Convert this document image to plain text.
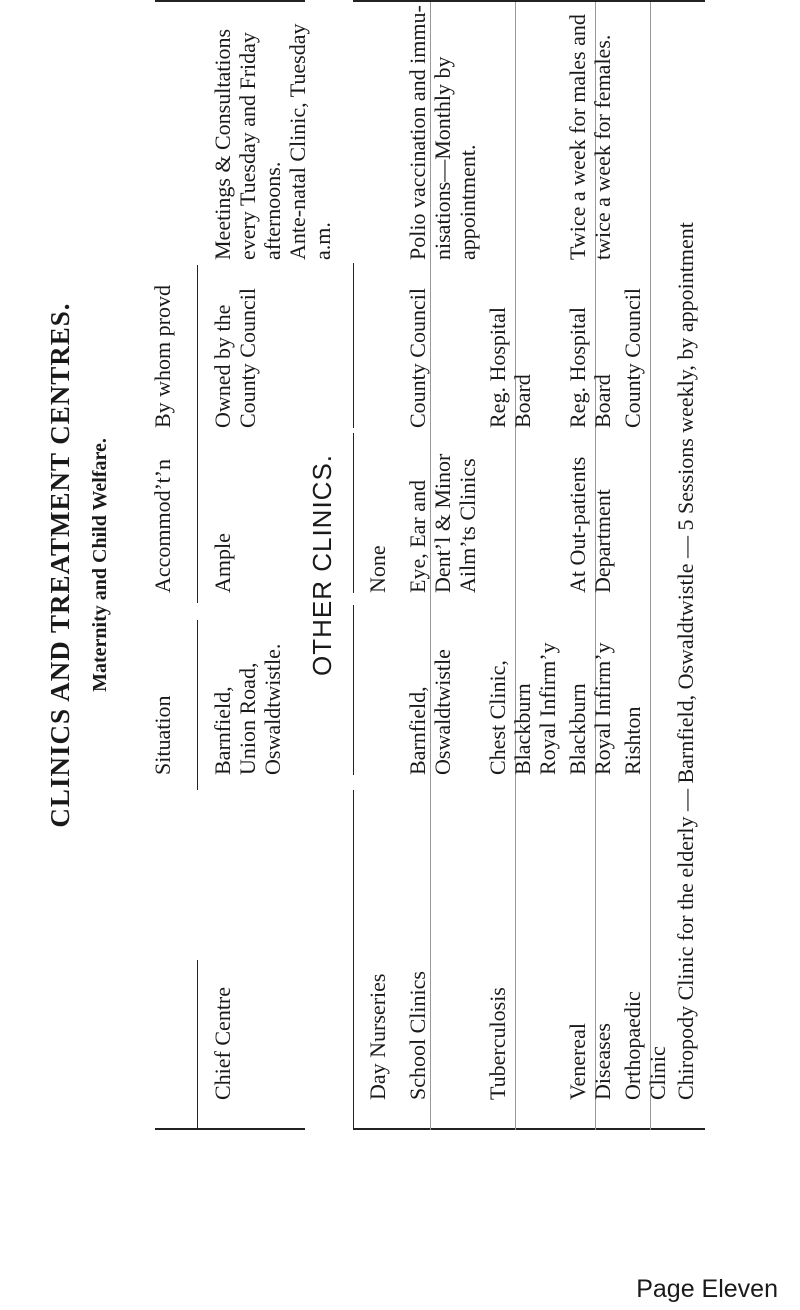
CLINICS AND TREATMENT CENTRES. Maternity and Child Welfare.
Situation
Accommod’t’n
By whom provd
Chief Centre
Barnfield, Union Road, Oswaldtwistle.
Ample
Owned by the County Council
Meetings & Consultations every Tuesday and Friday afternoons. Ante-natal Clinic, Tuesday a.m.
OTHER CLINICS.
Day Nurseries
None
County Council
School Clinics
Barnfield, Oswaldtwistle
Eye, Ear and Dent’l & Minor Ailm’ts Clinics
Polio vaccination and immu- nisations—Monthly by appointment.
Tuberculosis
Chest Clinic, Blackburn Royal Infirm’y
Reg. Hospital Board
Venereal Diseases
Blackburn Royal Infirm’y
At Out-patients Department
Reg. Hospital Board
Twice a week for males and twice a week for females.
Orthopaedic Clinic
Rishton
County Council Chiropody Clinic for the elderly — Barnfield, Oswaldtwistle — 5 Sessions weekly, by appointment
Page Eleven
